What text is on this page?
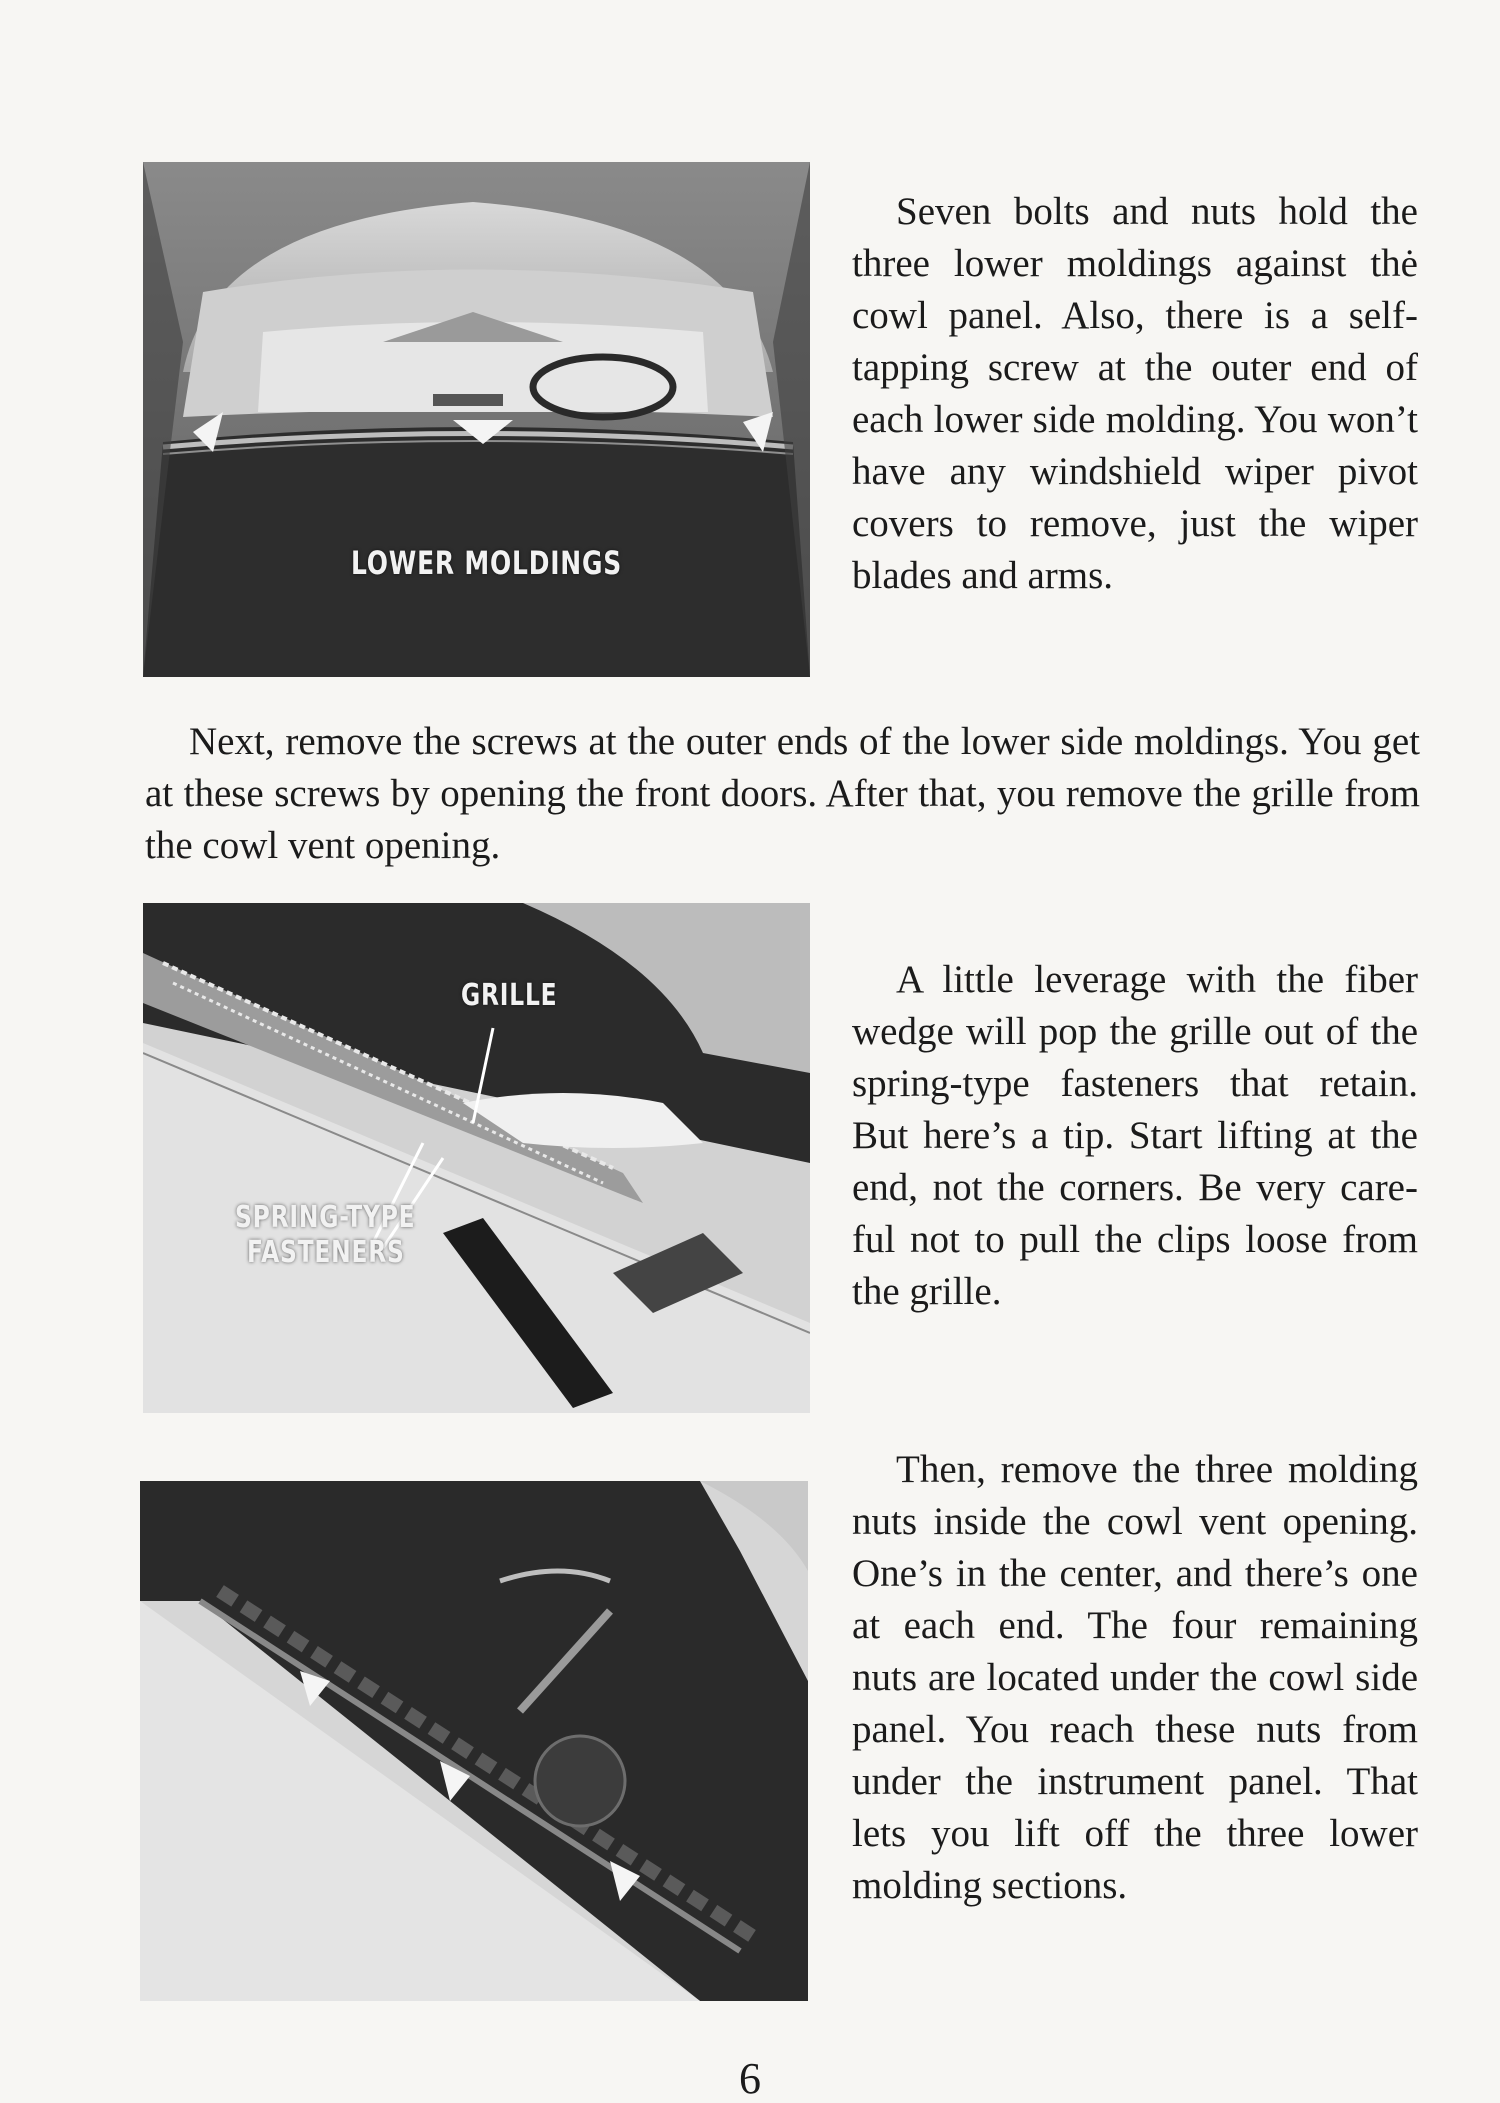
LOWER MOLDINGS
Seven bolts and nuts hold the three lower moldings against thė cowl panel. Also, there is a self-tapping screw at the outer end of each lower side molding. You won’t have any windshield wiper pivot covers to remove, just the wiper blades and arms.
Next, remove the screws at the outer ends of the lower side moldings. You get at these screws by opening the front doors. After that, you remove the grille from the cowl vent opening.
GRILLE
SPRING-TYPE
FASTENERS
A little leverage with the fiber wedge will pop the grille out of the spring-type fasteners that retain. But here’s a tip. Start lifting at the end, not the corners. Be very careful not to pull the clips loose from the grille.
Then, remove the three molding nuts inside the cowl vent opening. One’s in the center, and there’s one at each end. The four remaining nuts are located under the cowl side panel. You reach these nuts from under the instrument panel. That lets you lift off the three lower molding sections.
6
